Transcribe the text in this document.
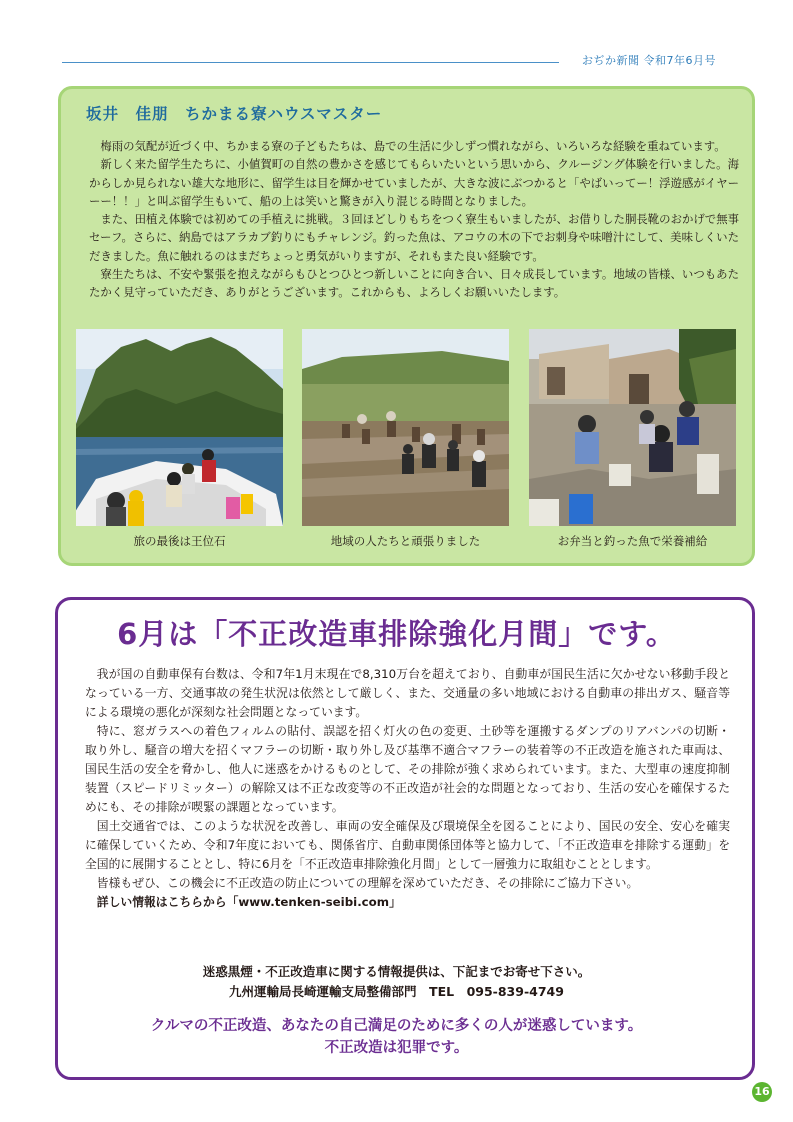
おぢか新聞 令和7年6月号
坂井　佳朋　ちかまる寮ハウスマスター

梅雨の気配が近づく中、ちかまる寮の子どもたちは、島での生活に少しずつ慣れながら、いろいろな経験を重ねています。

新しく来た留学生たちに、小値賀町の自然の豊かさを感じてもらいたいという思いから、クルージング体験を行いました。海からしか見られない雄大な地形に、留学生は目を輝かせていましたが、大きな波にぶつかると「やばいってー！浮遊感がイヤーーー！！」と叫ぶ留学生もいて、船の上は笑いと驚きが入り混じる時間となりました。

また、田植え体験では初めての手植えに挑戦。３回ほどしりもちをつく寮生もいましたが、お借りした胴長靴のおかげで無事セーフ。さらに、納島ではアラカブ釣りにもチャレンジ。釣った魚は、アコウの木の下でお刺身や味噌汁にして、美味しくいただきました。魚に触れるのはまだちょっと勇気がいりますが、それもまた良い経験です。

寮生たちは、不安や緊張を抱えながらもひとつひとつ新しいことに向き合い、日々成長しています。地域の皆様、いつもあたたかく見守っていただき、ありがとうございます。これからも、よろしくお願いいたします。

旅の最後は王位石	地域の人たちと頑張りました	お弁当と釣った魚で栄養補給
6月は「不正改造車排除強化月間」です。

我が国の自動車保有台数は、令和7年1月末現在で8,310万台を超えており、自動車が国民生活に欠かせない移動手段となっている一方、交通事故の発生状況は依然として厳しく、また、交通量の多い地域における自動車の排出ガス、騒音等による環境の悪化が深刻な社会問題となっています。

特に、窓ガラスへの着色フィルムの貼付、誤認を招く灯火の色の変更、土砂等を運搬するダンプのリアバンパの切断・取り外し、騒音の増大を招くマフラーの切断・取り外し及び基準不適合マフラーの装着等の不正改造を施された車両は、国民生活の安全を脅かし、他人に迷惑をかけるものとして、その排除が強く求められています。また、大型車の速度抑制装置（スピードリミッター）の解除又は不正な改変等の不正改造が社会的な問題となっており、生活の安心を確保するためにも、その排除が喫緊の課題となっています。

国土交通省では、このような状況を改善し、車両の安全確保及び環境保全を図ることにより、国民の安全、安心を確実に確保していくため、令和7年度においても、関係省庁、自動車関係団体等と協力して、「不正改造車を排除する運動」を全国的に展開することとし、特に6月を「不正改造車排除強化月間」として一層強力に取組むこととします。

皆様もぜひ、この機会に不正改造の防止についての理解を深めていただき、その排除にご協力下さい。

詳しい情報はこちらから「www.tenken-seibi.com」

迷惑黒煙・不正改造車に関する情報提供は、下記までお寄せ下さい。
九州運輸局長崎運輸支局整備部門　TEL　095-839-4749
クルマの不正改造、あなたの自己満足のために多くの人が迷惑しています。
不正改造は犯罪です。
16
